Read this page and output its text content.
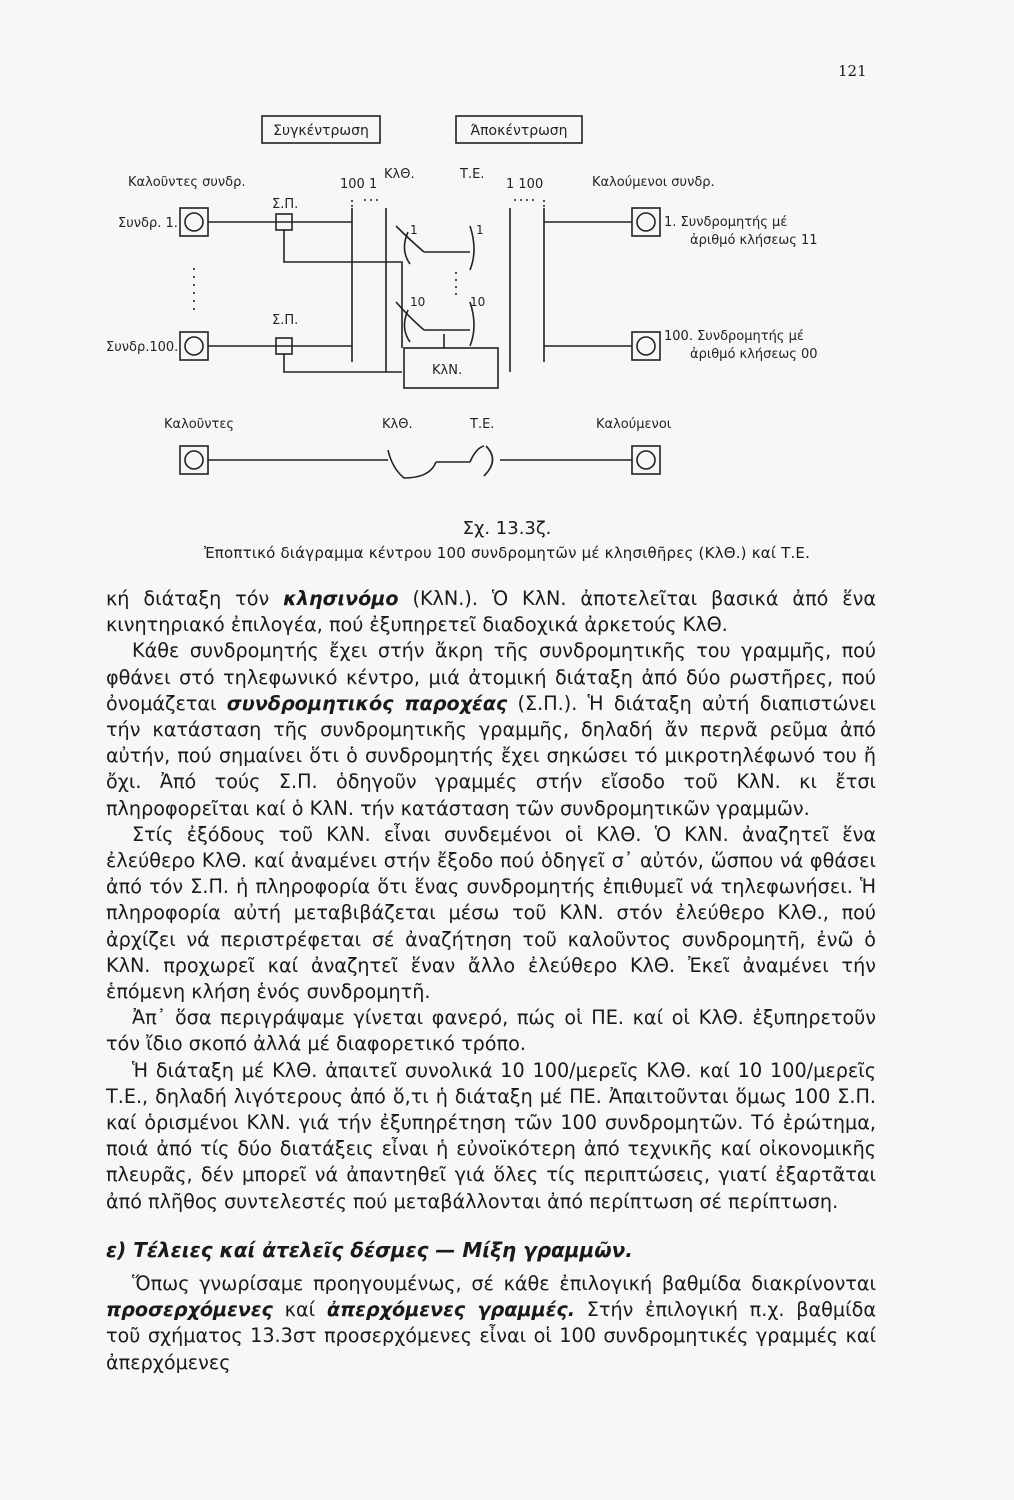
121
Συγκέντρωση	Άποκέντρωση
Καλοῦντες συνδρ.	Καλούμενοι συνδρ.
100 1	1 100
ΚλΘ.	Τ.Ε.
Συνδρ. 1.
Συνδρ.100.
Σ.Π.
Σ.Π.
1. Συνδρομητής μέ
ἀριθμό κλήσεως 11
100. Συνδρομητής μέ
ἀριθμό κλήσεως 00
ΚλΝ.
1	1
10	10
Καλοῦντες	ΚλΘ.	Τ.Ε.	Καλούμενοι
Σχ. 13.3ζ.
Ἐποπτικό διάγραμμα κέντρου 100 συνδρομητῶν μέ κλησιθῆρες (ΚλΘ.) καί Τ.Ε.

κή διάταξη τόν κλησινόμο (ΚλΝ.). Ὁ ΚλΝ. ἀποτελεῖται βασικά ἀπό ἕνα κινητηριακό ἐπιλογέα, πού ἐξυπηρετεῖ διαδοχικά ἀρκετούς ΚλΘ.

Κάθε συνδρομητής ἔχει στήν ἄκρη τῆς συνδρομητικῆς του γραμμῆς, πού φθάνει στό τηλεφωνικό κέντρο, μιά ἀτομική διάταξη ἀπό δύο ρωστῆρες, πού ὀνομάζεται συνδρομητικός παροχέας (Σ.Π.). Ἡ διάταξη αὐτή διαπιστώνει τήν κατάσταση τῆς συνδρομητικῆς γραμμῆς, δηλαδή ἄν περνᾶ ρεῦμα ἀπό αὐτήν, πού σημαίνει ὅτι ὁ συνδρομητής ἔχει σηκώσει τό μικροτηλέφωνό του ἤ ὄχι. Ἀπό τούς Σ.Π. ὁδηγοῦν γραμμές στήν εἴσοδο τοῦ ΚλΝ. κι ἔτσι πληροφορεῖται καί ὁ ΚλΝ. τήν κατάσταση τῶν συνδρομητικῶν γραμμῶν.

Στίς ἐξόδους τοῦ ΚλΝ. εἶναι συνδεμένοι οἱ ΚλΘ. Ὁ ΚλΝ. ἀναζητεῖ ἕνα ἐλεύθερο ΚλΘ. καί ἀναμένει στήν ἔξοδο πού ὁδηγεῖ σ᾽ αὐτόν, ὥσπου νά φθάσει ἀπό τόν Σ.Π. ἡ πληροφορία ὅτι ἕνας συνδρομητής ἐπιθυμεῖ νά τηλεφωνήσει. Ἡ πληροφορία αὐτή μεταβιβάζεται μέσω τοῦ ΚλΝ. στόν ἐλεύθερο ΚλΘ., πού ἀρχίζει νά περιστρέφεται σέ ἀναζήτηση τοῦ καλοῦντος συνδρομητῆ, ἐνῶ ὁ ΚλΝ. προχωρεῖ καί ἀναζητεῖ ἕναν ἄλλο ἐλεύθερο ΚλΘ. Ἐκεῖ ἀναμένει τήν ἑπόμενη κλήση ἑνός συνδρομητῆ.

Ἀπ᾽ ὅσα περιγράψαμε γίνεται φανερό, πώς οἱ ΠΕ. καί οἱ ΚλΘ. ἐξυπηρετοῦν τόν ἴδιο σκοπό ἀλλά μέ διαφορετικό τρόπο.

Ἡ διάταξη μέ ΚλΘ. ἀπαιτεῖ συνολικά 10 100/μερεῖς ΚλΘ. καί 10 100/μερεῖς Τ.Ε., δηλαδή λιγότερους ἀπό ὅ,τι ἡ διάταξη μέ ΠΕ. Ἀπαιτοῦνται ὅμως 100 Σ.Π. καί ὁρισμένοι ΚλΝ. γιά τήν ἐξυπηρέτηση τῶν 100 συνδρομητῶν. Τό ἐρώτημα, ποιά ἀπό τίς δύο διατάξεις εἶναι ἡ εὐνοϊκότερη ἀπό τεχνικῆς καί οἰκονομικῆς πλευρᾶς, δέν μπορεῖ νά ἀπαντηθεῖ γιά ὅλες τίς περιπτώσεις, γιατί ἐξαρτᾶται ἀπό πλῆθος συντελεστές πού μεταβάλλονται ἀπό περίπτωση σέ περίπτωση.

ε) Τέλειες καί ἀτελεῖς δέσμες — Μίξη γραμμῶν.

Ὅπως γνωρίσαμε προηγουμένως, σέ κάθε ἐπιλογική βαθμίδα διακρίνονται προσερχόμενες καί ἀπερχόμενες γραμμές. Στήν ἐπιλογική π.χ. βαθμίδα τοῦ σχήματος 13.3στ προσερχόμενες εἶναι οἱ 100 συνδρομητικές γραμμές καί ἀπερχόμενες
